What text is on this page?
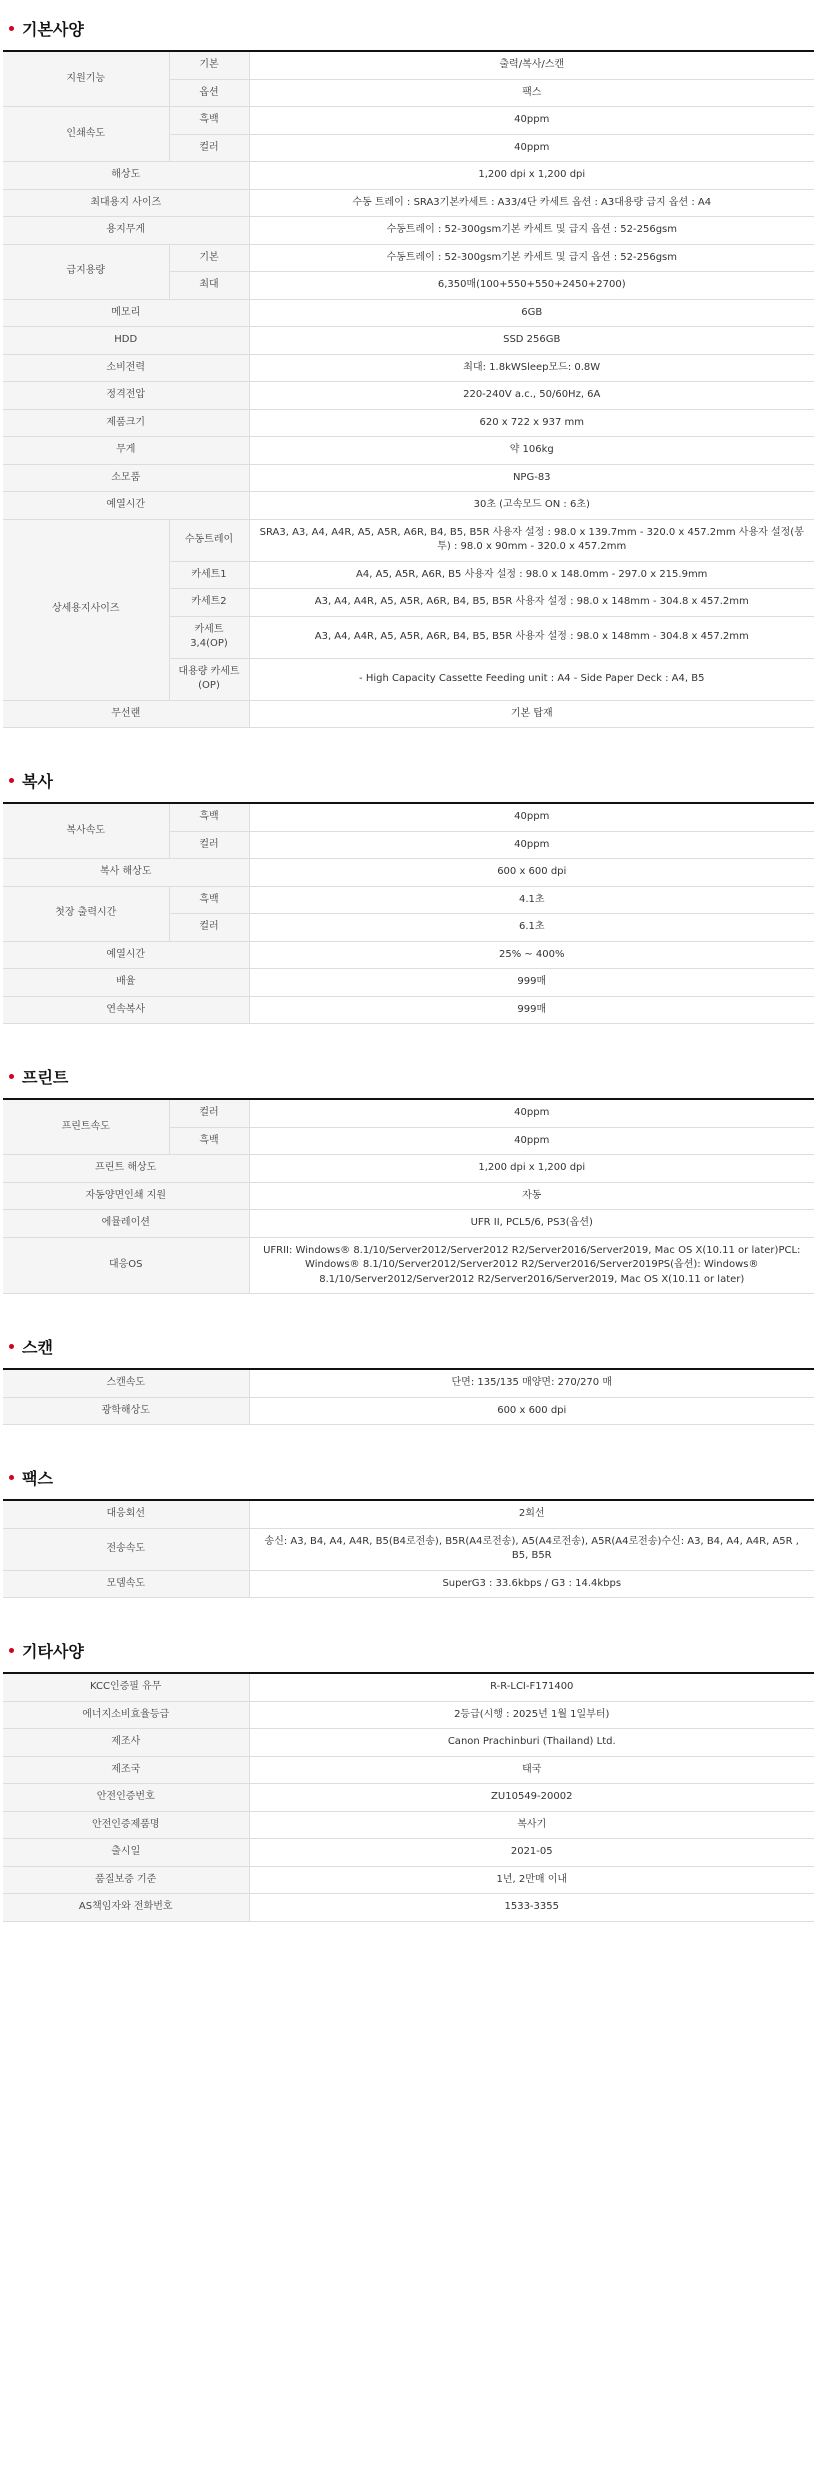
기본사양
지원기능	기본	출력/복사/스캔
	옵션	팩스
인쇄속도	흑백	40ppm
	컬러	40ppm
해상도		1,200 dpi x 1,200 dpi
최대용지 사이즈		수동 트레이 : SRA3기본카세트 : A33/4단 카세트 옵션 : A3대용량 급지 옵션 : A4
용지무게		수동트레이 : 52-300gsm기본 카세트 및 급지 옵션 : 52-256gsm
급지용량	기본	수동트레이 : 52-300gsm기본 카세트 및 급지 옵션 : 52-256gsm
	최대	6,350매(100+550+550+2450+2700)
메모리		6GB
HDD		SSD 256GB
소비전력		최대: 1.8kWSleep모드: 0.8W
정격전압		220-240V a.c., 50/60Hz, 6A
제품크기		620 x 722 x 937 mm
무게		약 106kg
소모품		NPG-83
예열시간		30초 (고속모드 ON : 6초)
상세용지사이즈	수동트레이	SRA3, A3, A4, A4R, A5, A5R, A6R, B4, B5, B5R 사용자 설정 : 98.0 x 139.7mm - 320.0 x 457.2mm 사용자 설정(봉투) : 98.0 x 90mm - 320.0 x 457.2mm
	카세트1	A4, A5, A5R, A6R, B5 사용자 설정 : 98.0 x 148.0mm - 297.0 x 215.9mm
	카세트2	A3, A4, A4R, A5, A5R, A6R, B4, B5, B5R 사용자 설정 : 98.0 x 148mm - 304.8 x 457.2mm
	카세트3,4(OP)	A3, A4, A4R, A5, A5R, A6R, B4, B5, B5R 사용자 설정 : 98.0 x 148mm - 304.8 x 457.2mm
	대용량 카세트(OP)	- High Capacity Cassette Feeding unit : A4 - Side Paper Deck : A4, B5
무선랜		기본 탑재
복사
복사속도	흑백	40ppm
	컬러	40ppm
복사 해상도		600 x 600 dpi
첫장 출력시간	흑백	4.1초
	컬러	6.1초
예열시간		25% ~ 400%
배율		999매
연속복사		999매
프린트
프린트속도	컬러	40ppm
	흑백	40ppm
프린트 해상도		1,200 dpi x 1,200 dpi
자동양면인쇄 지원		자동
에뮬레이션		UFR II, PCL5/6, PS3(옵션)
대응OS		UFRII: Windows® 8.1/10/Server2012/Server2012 R2/Server2016/Server2019, Mac OS X(10.11 or later)PCL: Windows® 8.1/10/Server2012/Server2012 R2/Server2016/Server2019PS(옵션): Windows® 8.1/10/Server2012/Server2012 R2/Server2016/Server2019, Mac OS X(10.11 or later)
스캔
스캔속도	단면: 135/135 매양면: 270/270 매
광학해상도	600 x 600 dpi
팩스
대응회선	2회선
전송속도	송신: A3, B4, A4, A4R, B5(B4로전송), B5R(A4로전송), A5(A4로전송), A5R(A4로전송)수신: A3, B4, A4, A4R, A5R , B5, B5R
모뎀속도	SuperG3 : 33.6kbps / G3 : 14.4kbps
기타사양
KCC인증필 유무	R-R-LCI-F171400
에너지소비효율등급	2등급(시행 : 2025년 1월 1일부터)
제조사	Canon Prachinburi (Thailand) Ltd.
제조국	태국
안전인증번호	ZU10549-20002
안전인증제품명	복사기
출시일	2021-05
품질보증 기준	1년, 2만매 이내
AS책임자와 전화번호	1533-3355
